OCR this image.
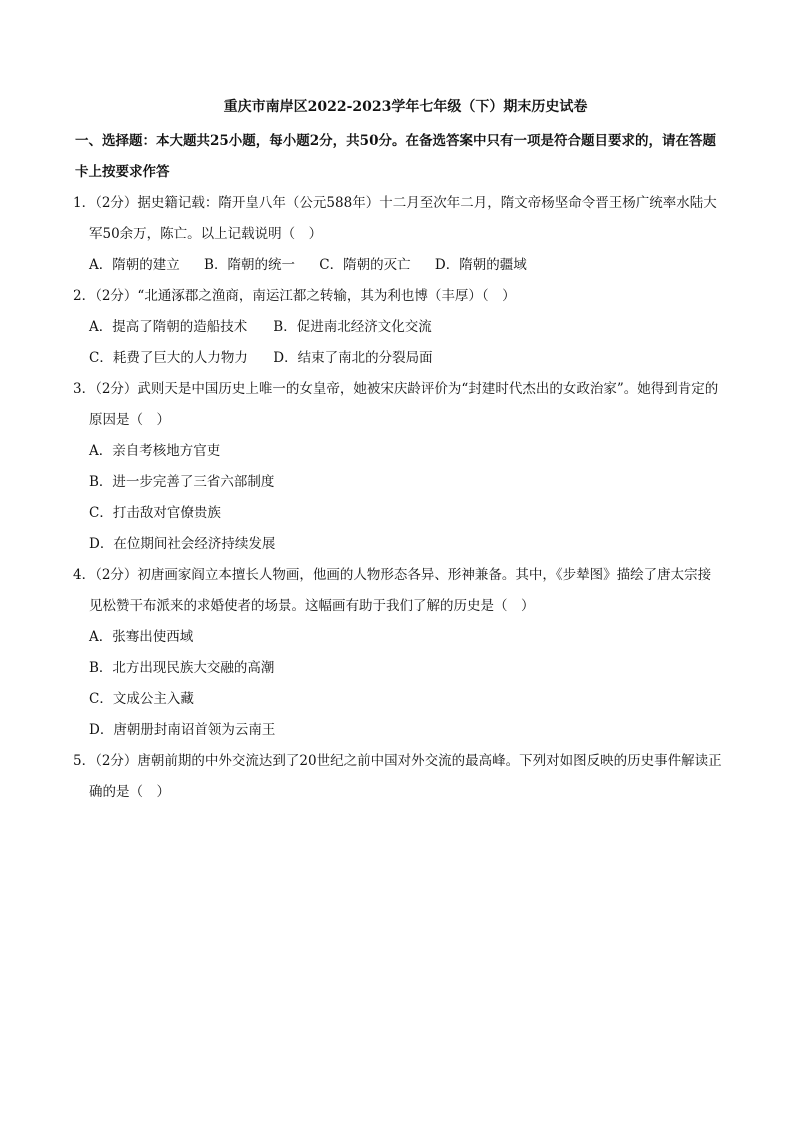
重庆市南岸区2022-2023学年七年级（下）期末历史试卷

一、选择题：本大题共25小题，每小题2分，共50分。在备选答案中只有一项是符合题目要求的，请在答题卡上按要求作答

1．（2分）据史籍记载：隋开皇八年（公元588年）十二月至次年二月，隋文帝杨坚命令晋王杨广统率水陆大军50余万，陈亡。以上记载说明（　）

A．隋朝的建立 B．隋朝的统一 C．隋朝的灭亡 D．隋朝的疆域

2．（2分）“北通涿郡之渔商，南运江都之转输，其为利也博（丰厚）（　）

A．提高了隋朝的造船技术 B．促进南北经济文化交流

C．耗费了巨大的人力物力 D．结束了南北的分裂局面

3．（2分）武则天是中国历史上唯一的女皇帝，她被宋庆龄评价为“封建时代杰出的女政治家”。她得到肯定的原因是（　）

A．亲自考核地方官吏

B．进一步完善了三省六部制度

C．打击敌对官僚贵族

D．在位期间社会经济持续发展

4．（2分）初唐画家阎立本擅长人物画，他画的人物形态各异、形神兼备。其中，《步辇图》描绘了唐太宗接见松赞干布派来的求婚使者的场景。这幅画有助于我们了解的历史是（　）

A．张骞出使西域

B．北方出现民族大交融的高潮

C．文成公主入藏

D．唐朝册封南诏首领为云南王

5．（2分）唐朝前期的中外交流达到了20世纪之前中国对外交流的最高峰。下列对如图反映的历史事件解读正确的是（　）
